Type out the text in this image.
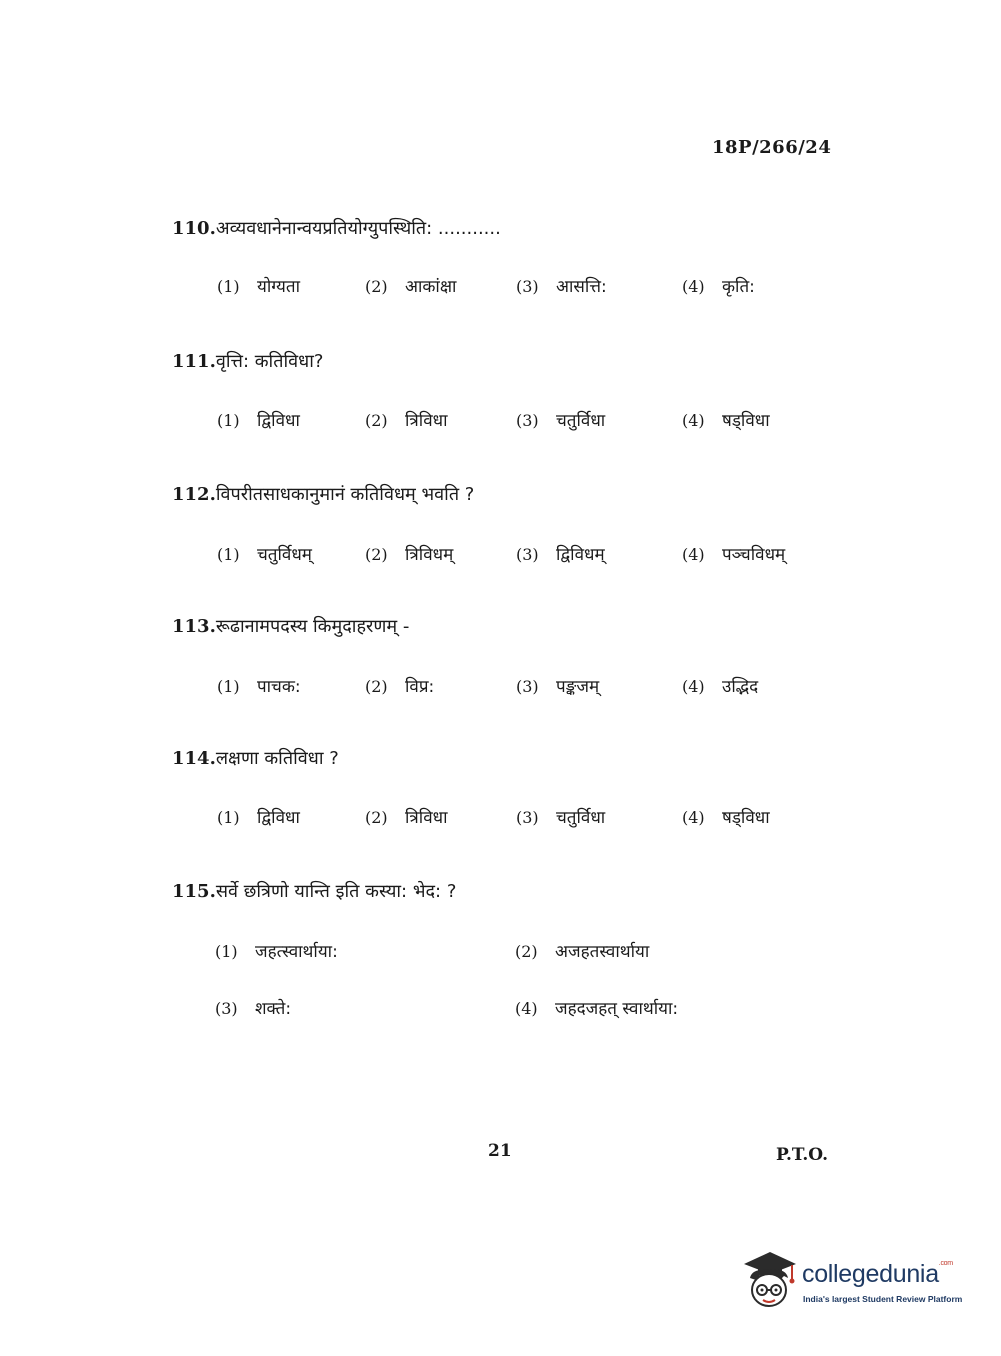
18P/266/24
110.अव्यवधानेनान्वयप्रतियोग्युपस्थिति: ...........
(1) योग्यता	(2) आकांक्षा	(3) आसत्ति:	(4) कृति:
111.वृत्ति: कतिविधा?
(1) द्विविधा	(2) त्रिविधा	(3) चतुर्विधा	(4) षड्विधा
112.विपरीतसाधकानुमानं कतिविधम् भवति ?
(1) चतुर्विधम्	(2) त्रिविधम्	(3) द्विविधम्	(4) पञ्चविधम्
113.रूढानामपदस्य किमुदाहरणम् -
(1) पाचक:	(2) विप्र:	(3) पङ्कजम्	(4) उद्भिद
114.लक्षणा कतिविधा ?
(1) द्विविधा	(2) त्रिविधा	(3) चतुर्विधा	(4) षड्विधा
115.सर्वे छत्रिणो यान्ति इति कस्या: भेद: ?
(1) जहत्स्वार्थाया:	(2) अजहतस्वार्थाया
(3) शक्ते:	(4) जहदजहत् स्वार्थाया:
21	P.T.O.
collegedunia$^{.com}$
India's largest Student Review Platform
